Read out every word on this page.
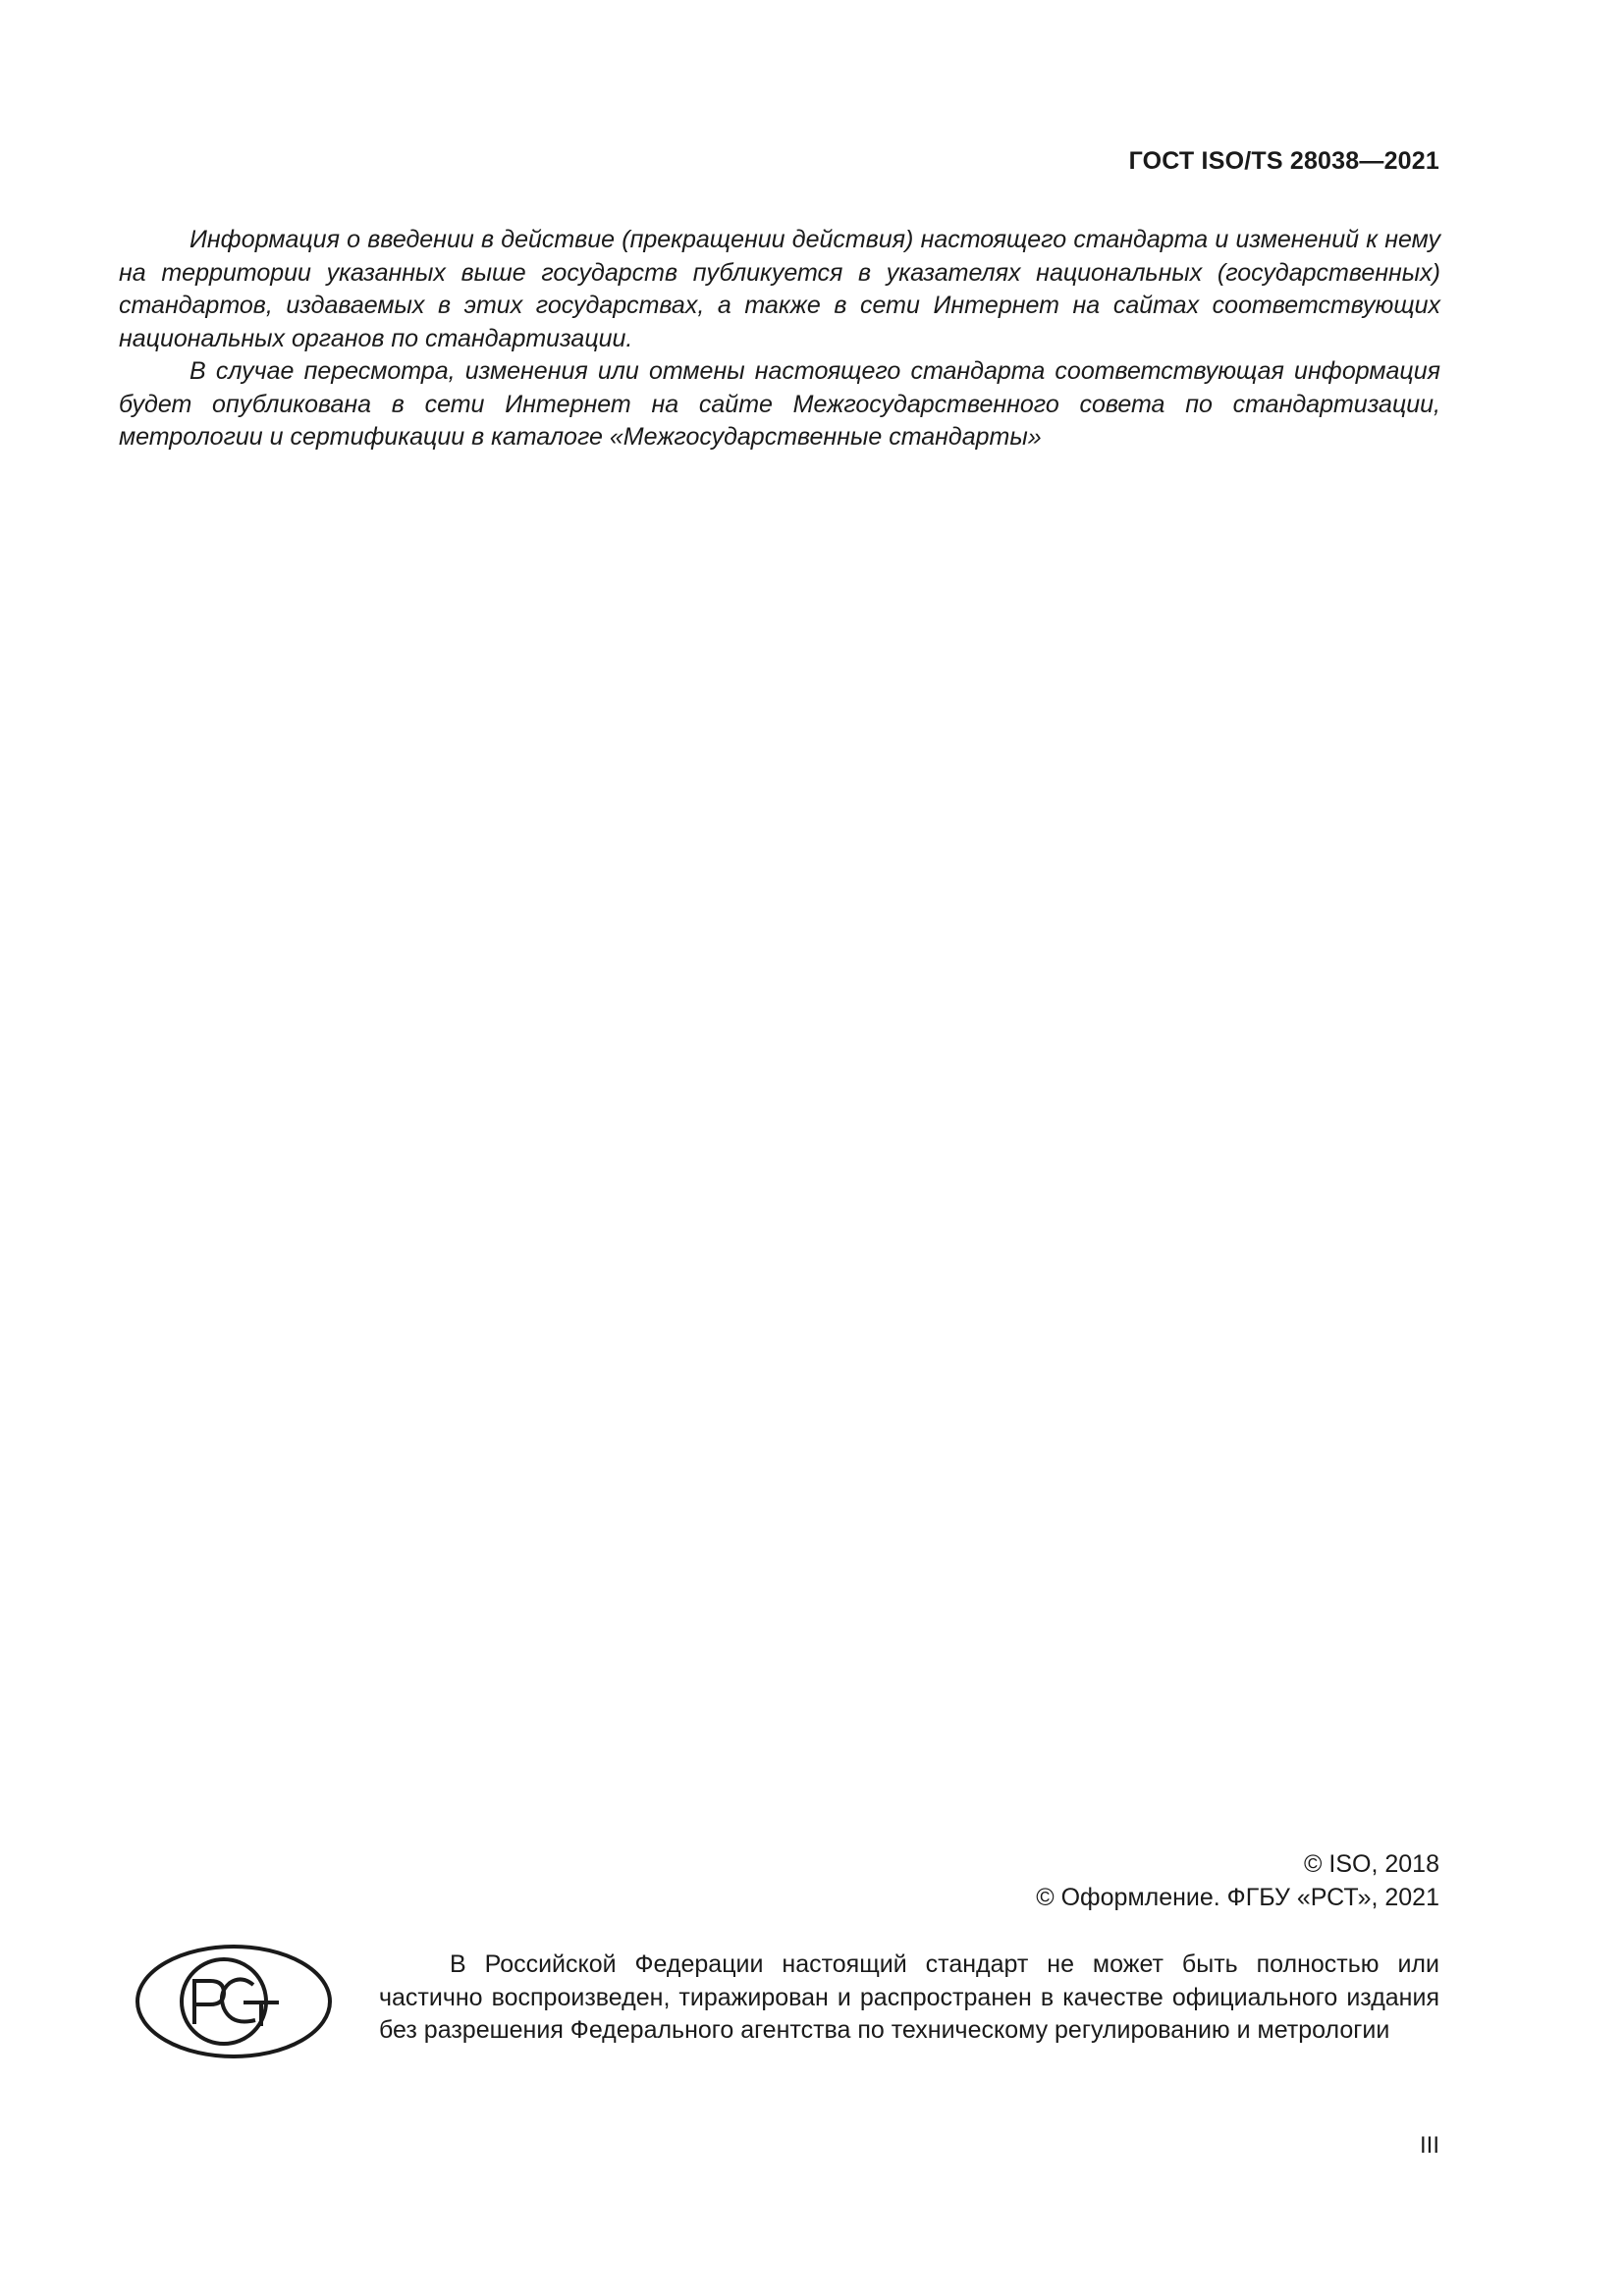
ГОСТ ISO/TS 28038—2021

Информация о введении в действие (прекращении действия) настоящего стандарта и изменений к нему на территории указанных выше государств публикуется в указателях национальных (государственных) стандартов, издаваемых в этих государствах, а также в сети Интернет на сайтах соответствующих национальных органов по стандартизации.

В случае пересмотра, изменения или отмены настоящего стандарта соответствующая информация будет опубликована в сети Интернет на сайте Межгосударственного совета по стандартизации, метрологии и сертификации в каталоге «Межгосударственные стандарты»

© ISO, 2018
© Оформление. ФГБУ «РСТ», 2021

В Российской Федерации настоящий стандарт не может быть полностью или частично воспроизведен, тиражирован и распространен в качестве официального издания без разрешения Федерального агентства по техническому регулированию и метрологии

III
